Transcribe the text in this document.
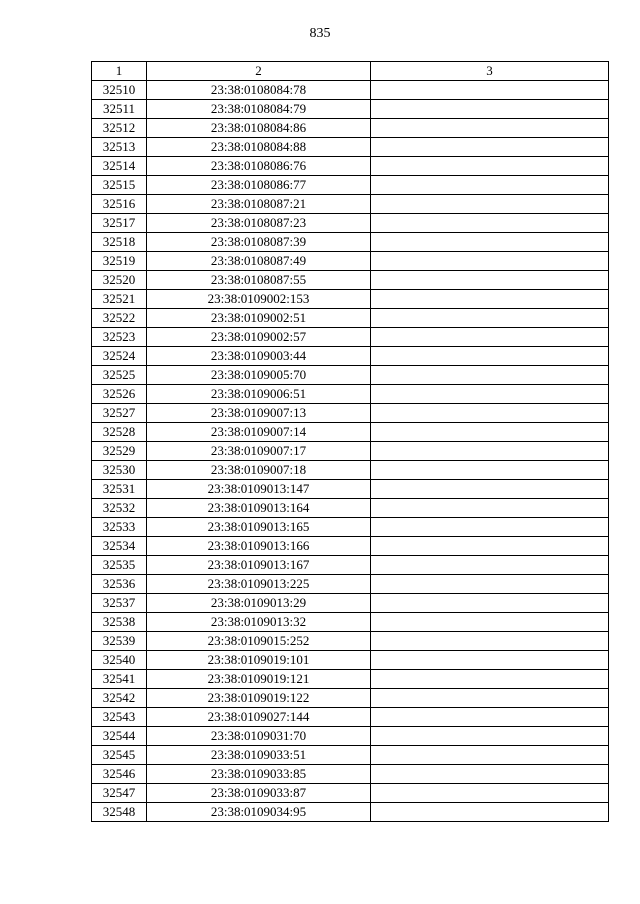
835
1	2	3
32510	23:38:0108084:78	
32511	23:38:0108084:79	
32512	23:38:0108084:86	
32513	23:38:0108084:88	
32514	23:38:0108086:76	
32515	23:38:0108086:77	
32516	23:38:0108087:21	
32517	23:38:0108087:23	
32518	23:38:0108087:39	
32519	23:38:0108087:49	
32520	23:38:0108087:55	
32521	23:38:0109002:153	
32522	23:38:0109002:51	
32523	23:38:0109002:57	
32524	23:38:0109003:44	
32525	23:38:0109005:70	
32526	23:38:0109006:51	
32527	23:38:0109007:13	
32528	23:38:0109007:14	
32529	23:38:0109007:17	
32530	23:38:0109007:18	
32531	23:38:0109013:147	
32532	23:38:0109013:164	
32533	23:38:0109013:165	
32534	23:38:0109013:166	
32535	23:38:0109013:167	
32536	23:38:0109013:225	
32537	23:38:0109013:29	
32538	23:38:0109013:32	
32539	23:38:0109015:252	
32540	23:38:0109019:101	
32541	23:38:0109019:121	
32542	23:38:0109019:122	
32543	23:38:0109027:144	
32544	23:38:0109031:70	
32545	23:38:0109033:51	
32546	23:38:0109033:85	
32547	23:38:0109033:87	
32548	23:38:0109034:95	
